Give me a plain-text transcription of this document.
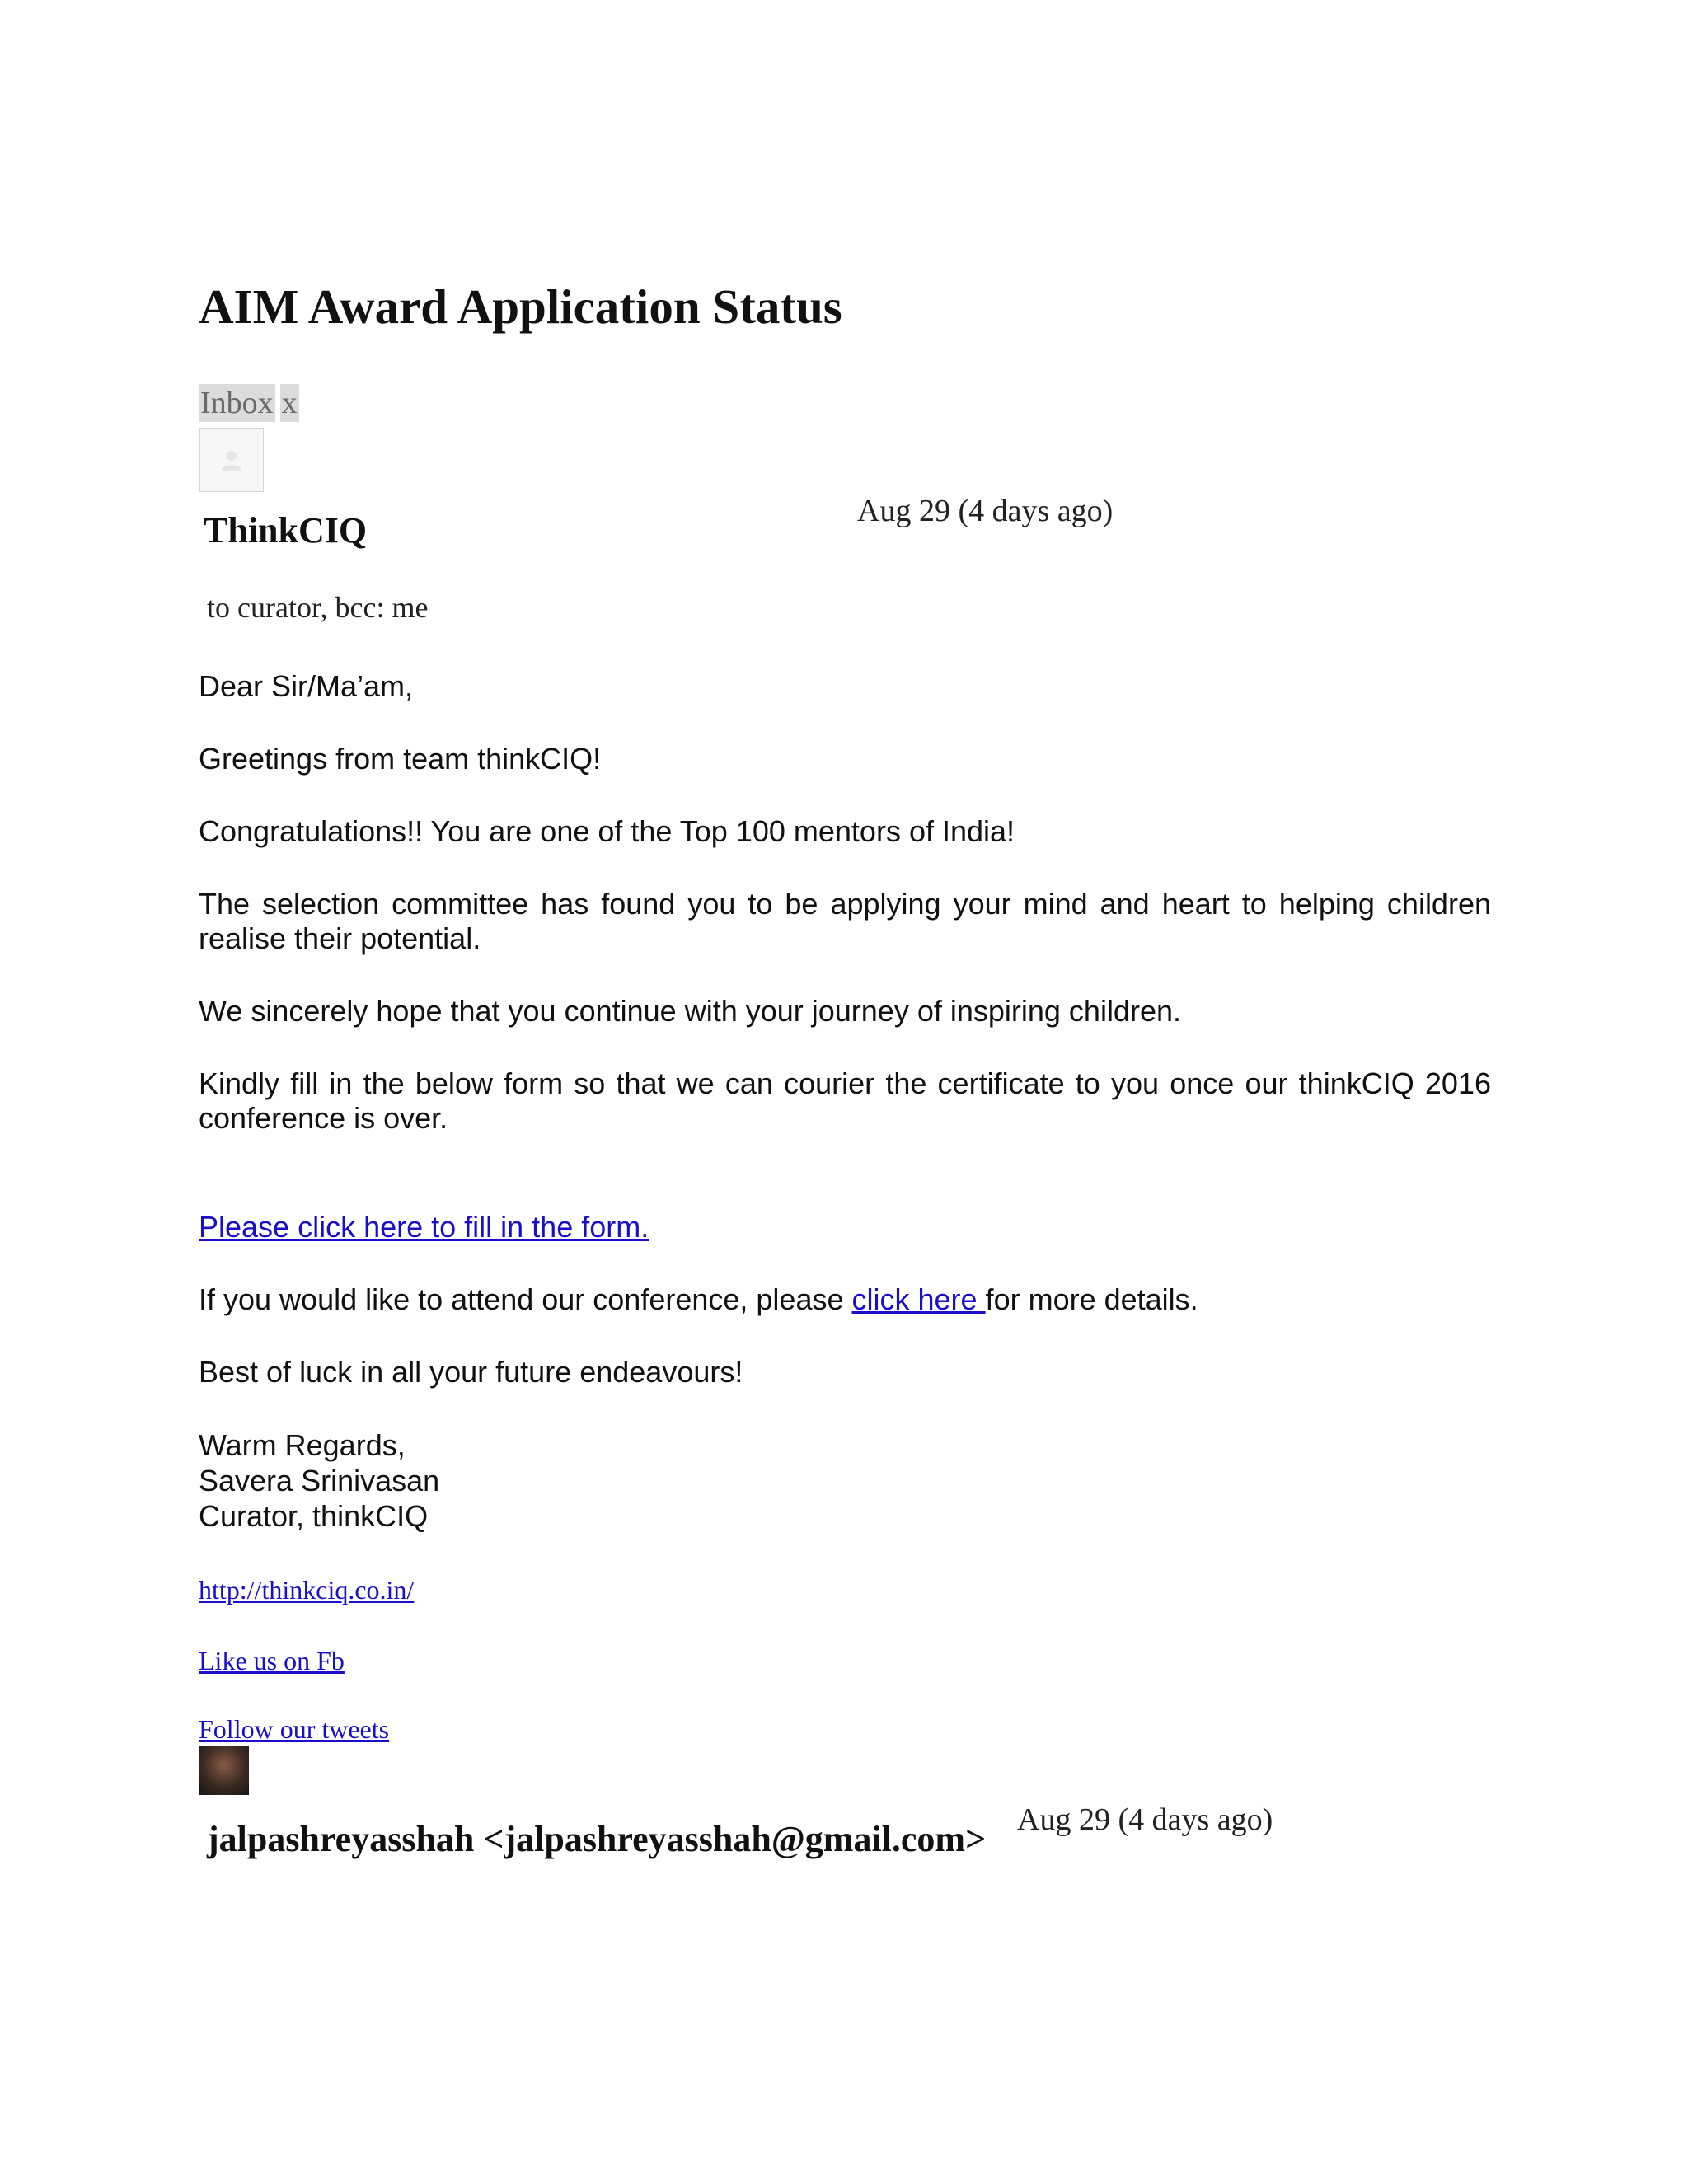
AIM Award Application Status
Inbox x
ThinkCIQ	Aug 29 (4 days ago)
to curator, bcc: me

Dear Sir/Ma’am,

Greetings from team thinkCIQ!

Congratulations!! You are one of the Top 100 mentors of India!

The selection committee has found you to be applying your mind and heart to helping children realise their potential.

We sincerely hope that you continue with your journey of inspiring children.

Kindly fill in the below form so that we can courier the certificate to you once our thinkCIQ 2016 conference is over.

Please click here to fill in the form.

If you would like to attend our conference, please click here for more details.

Best of luck in all your future endeavours!

Warm Regards,
Savera Srinivasan
Curator, thinkCIQ
http://thinkciq.co.in/
Like us on Fb
Follow our tweets
jalpashreyasshah <jalpashreyasshah@gmail.com> Aug 29 (4 days ago)
